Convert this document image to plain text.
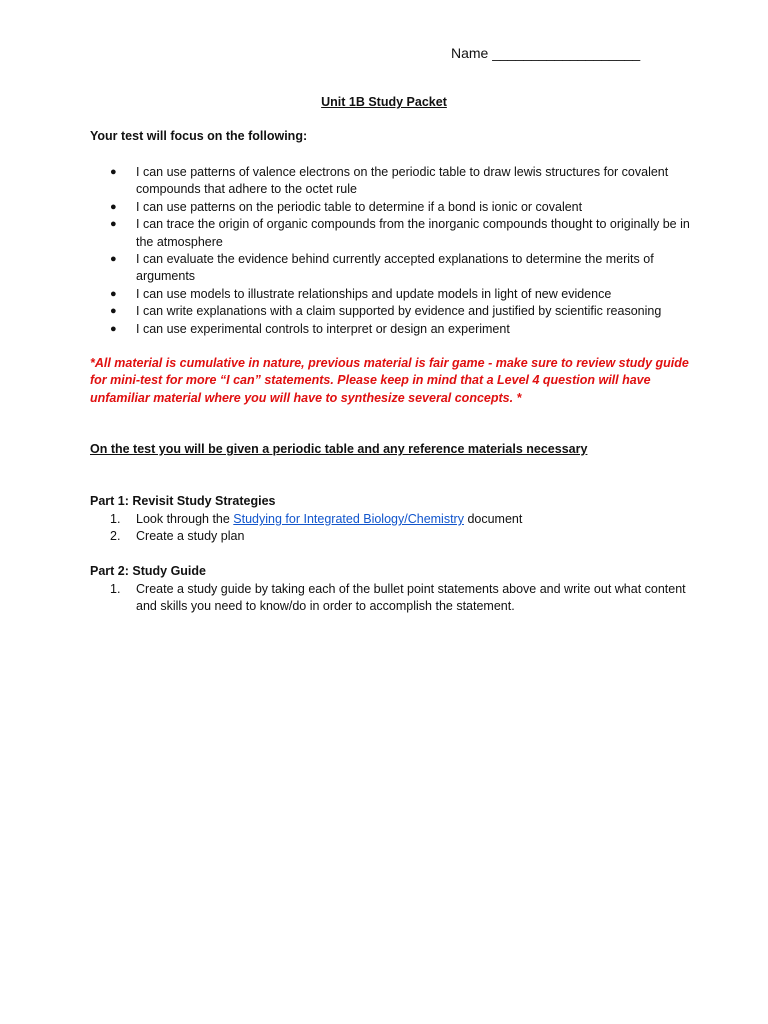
Name ___________________
Unit 1B Study Packet
Your test will focus on the following:
● I can use patterns of valence electrons on the periodic table to draw lewis structures for covalent compounds that adhere to the octet rule
● I can use patterns on the periodic table to determine if a bond is ionic or covalent
● I can trace the origin of organic compounds from the inorganic compounds thought to originally be in the atmosphere
● I can evaluate the evidence behind currently accepted explanations to determine the merits of arguments
● I can use models to illustrate relationships and update models in light of new evidence
● I can write explanations with a claim supported by evidence and justified by scientific reasoning
● I can use experimental controls to interpret or design an experiment
*All material is cumulative in nature, previous material is fair game - make sure to review study guide for mini-test for more “I can” statements. Please keep in mind that a Level 4 question will have unfamiliar material where you will have to synthesize several concepts. *
On the test you will be given a periodic table and any reference materials necessary
Part 1: Revisit Study Strategies
1. Look through the Studying for Integrated Biology/Chemistry document
2. Create a study plan
Part 2: Study Guide
1. Create a study guide by taking each of the bullet point statements above and write out what content and skills you need to know/do in order to accomplish the statement.
